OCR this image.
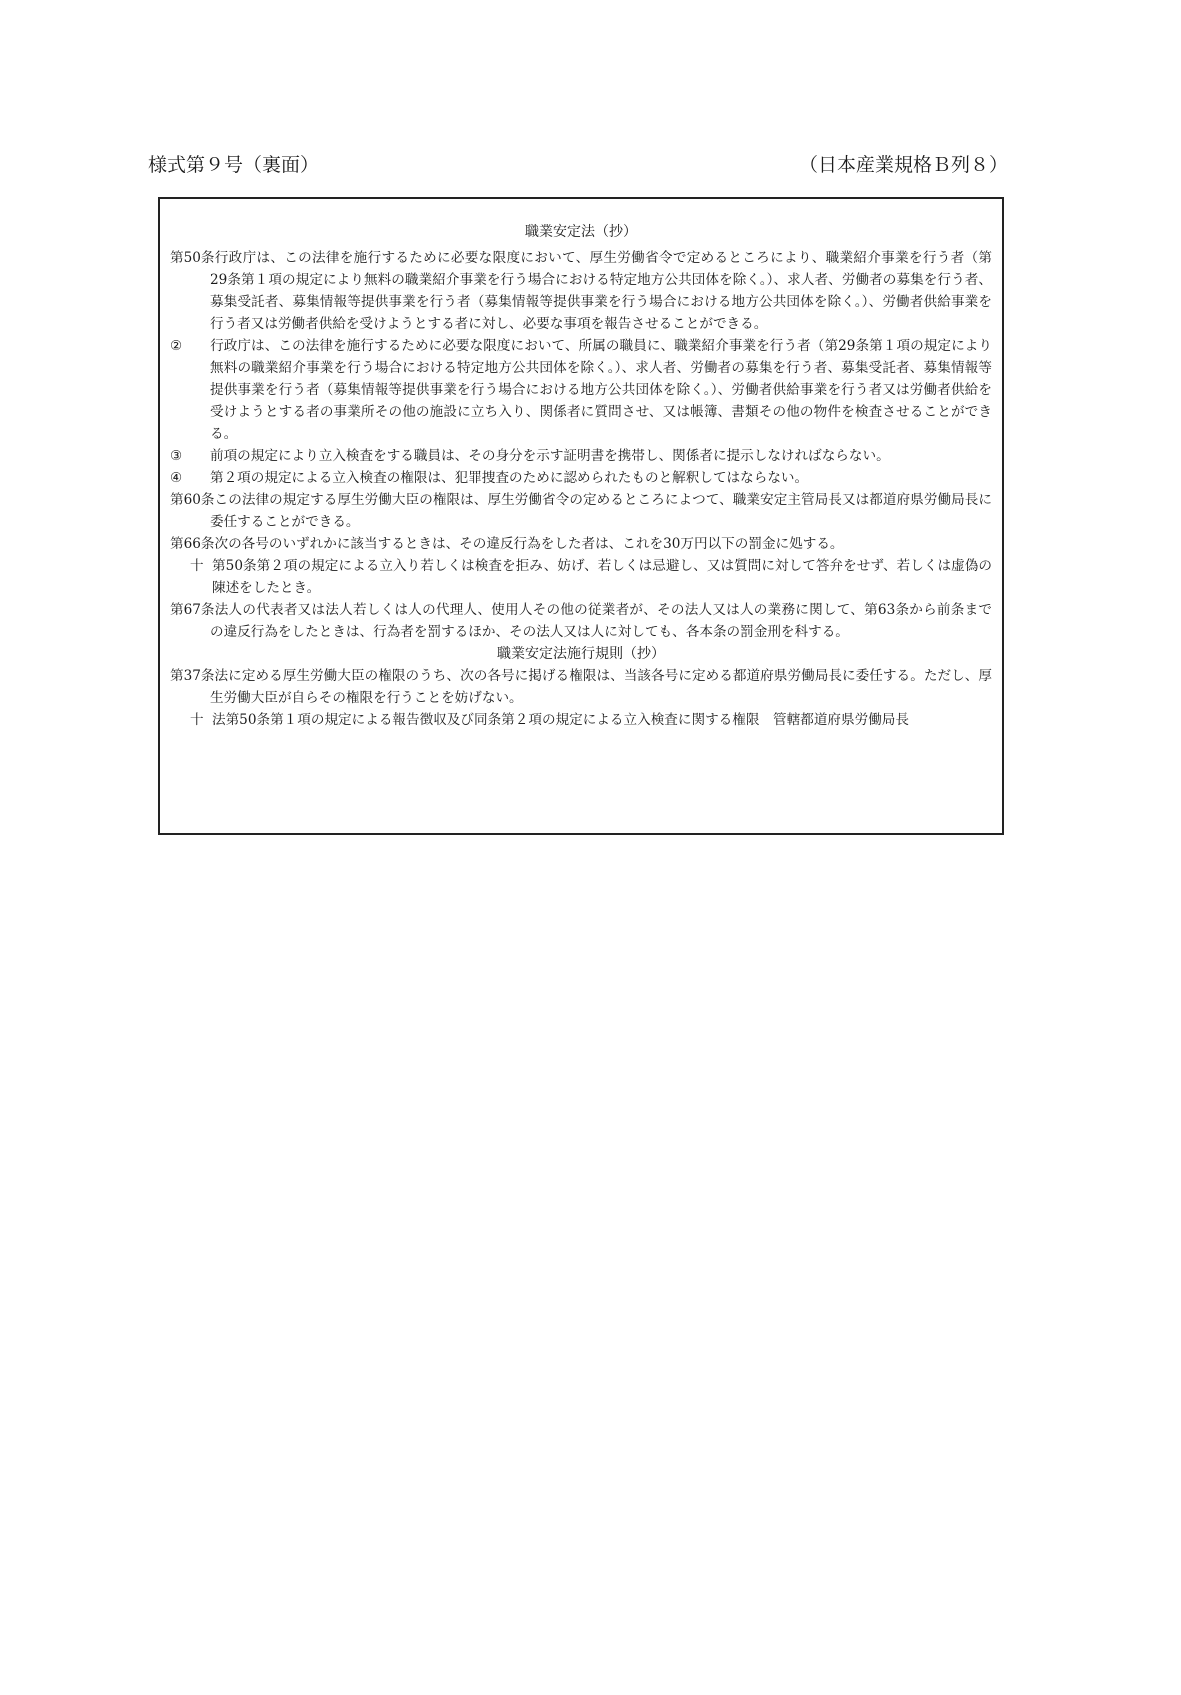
様式第９号（裏面）	（日本産業規格Ｂ列８）
職業安定法（抄）

第50条行政庁は、この法律を施行するために必要な限度において、厚生労働省令で定めるところにより、職業紹介事業を行う者（第29条第１項の規定により無料の職業紹介事業を行う場合における特定地方公共団体を除く。）、求人者、労働者の募集を行う者、募集受託者、募集情報等提供事業を行う者（募集情報等提供事業を行う場合における地方公共団体を除く。）、労働者供給事業を行う者又は労働者供給を受けようとする者に対し、必要な事項を報告させることができる。

② 行政庁は、この法律を施行するために必要な限度において、所属の職員に、職業紹介事業を行う者（第29条第１項の規定により無料の職業紹介事業を行う場合における特定地方公共団体を除く。）、求人者、労働者の募集を行う者、募集受託者、募集情報等提供事業を行う者（募集情報等提供事業を行う場合における地方公共団体を除く。）、労働者供給事業を行う者又は労働者供給を受けようとする者の事業所その他の施設に立ち入り、関係者に質問させ、又は帳簿、書類その他の物件を検査させることができる。

③ 前項の規定により立入検査をする職員は、その身分を示す証明書を携帯し、関係者に提示しなければならない。

④ 第２項の規定による立入検査の権限は、犯罪捜査のために認められたものと解釈してはならない。

第60条この法律の規定する厚生労働大臣の権限は、厚生労働省令の定めるところによつて、職業安定主管局長又は都道府県労働局長に委任することができる。

第66条次の各号のいずれかに該当するときは、その違反行為をした者は、これを30万円以下の罰金に処する。

十 第50条第２項の規定による立入り若しくは検査を拒み、妨げ、若しくは忌避し、又は質問に対して答弁をせず、若しくは虚偽の陳述をしたとき。

第67条法人の代表者又は法人若しくは人の代理人、使用人その他の従業者が、その法人又は人の業務に関して、第63条から前条までの違反行為をしたときは、行為者を罰するほか、その法人又は人に対しても、各本条の罰金刑を科する。

職業安定法施行規則（抄）

第37条法に定める厚生労働大臣の権限のうち、次の各号に掲げる権限は、当該各号に定める都道府県労働局長に委任する。ただし、厚生労働大臣が自らその権限を行うことを妨げない。

十 法第50条第１項の規定による報告徴収及び同条第２項の規定による立入検査に関する権限　管轄都道府県労働局長
